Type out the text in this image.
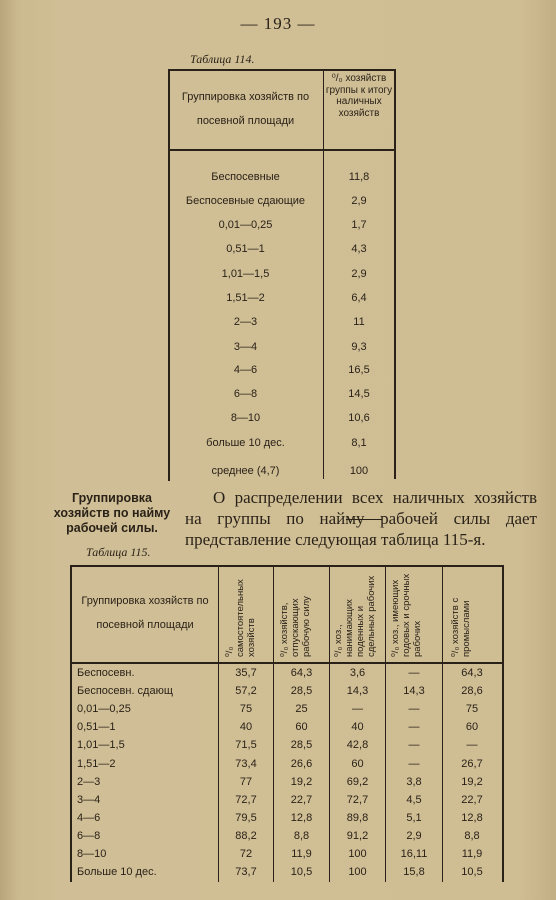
— 193 —
Таблица 114.
Группировка хозяйств по посевной площади
⁰/₀ хозяйств группы к итогу наличных хозяйств
Беспосевные	11,8
Беспосевные сдающие	2,9
0,01—0,25	1,7
0,51—1	4,3
1,01—1,5	2,9
1,51—2	6,4
2—3	11
3—4	9,3
4—6	16,5
6—8	14,5
8—10	10,6
больше 10 дес.	8,1
среднее (4,7)	100
Группировка хозяйств по найму рабочей силы.
О распределении всех наличных хозяйств на группы по найму рабочей силы дает представление следующая таблица 115-я.
Таблица 115.
Группировка хозяйств по посевной площади
⁰/₀ самостоятельных хозяйств	⁰/₀ хозяйств, отпускающих рабочую силу	⁰/₀ хоз., нанимающих поденных и сдельных рабочих	⁰/₀ хоз., имеющих годовых и срочных рабочих	⁰/₀ хозяйств с промыслами
Беспосевн.	35,7	64,3	3,6	—	64,3
Беспосевн. сдающ	57,2	28,5	14,3	14,3	28,6
0,01—0,25	75	25	—	—	75
0,51—1	40	60	40	—	60
1,01—1,5	71,5	28,5	42,8	—	—
1,51—2	73,4	26,6	60	—	26,7
2—3	77	19,2	69,2	3,8	19,2
3—4	72,7	22,7	72,7	4,5	22,7
4—6	79,5	12,8	89,8	5,1	12,8
6—8	88,2	8,8	91,2	2,9	8,8
8—10	72	11,9	100	16,11	11,9
Больше 10 дес.	73,7	10,5	100	15,8	10,5
